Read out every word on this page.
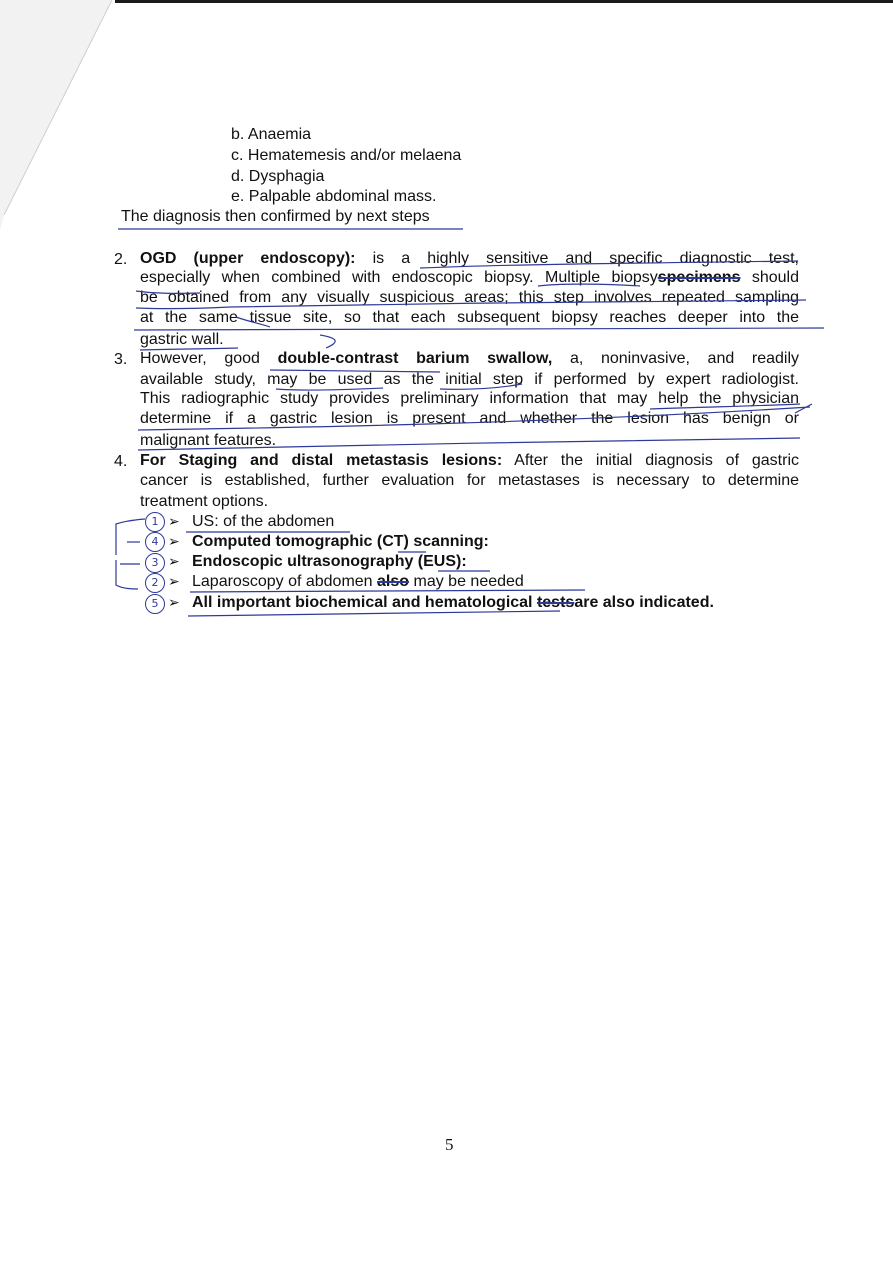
b. Anaemia
c. Hematemesis and/or melaena
d. Dysphagia
e. Palpable abdominal mass.
The diagnosis then confirmed by next steps
2. OGD (upper endoscopy): is a highly sensitive and specific diagnostic test,
especially when combined with endoscopic biopsy. Multiple biopsyspecimens should
be obtained from any visually suspicious areas; this step involves repeated sampling
at the same tissue site, so that each subsequent biopsy reaches deeper into the
gastric wall.
3. However, good double-contrast barium swallow, a, noninvasive, and readily
available study, may be used as the initial step if performed by expert radiologist.
This radiographic study provides preliminary information that may help the physician
determine if a gastric lesion is present and whether the lesion has benign or
malignant features.
4. For Staging and distal metastasis lesions: After the initial diagnosis of gastric
cancer is established, further evaluation for metastases is necessary to determine
treatment options.
1 ➢ US: of the abdomen
4 ➢ Computed tomographic (CT) scanning:
3 ➢ Endoscopic ultrasonography (EUS):
2 ➢ Laparoscopy of abdomen also may be needed
5 ➢ All important biochemical and hematological testsare also indicated.
5
